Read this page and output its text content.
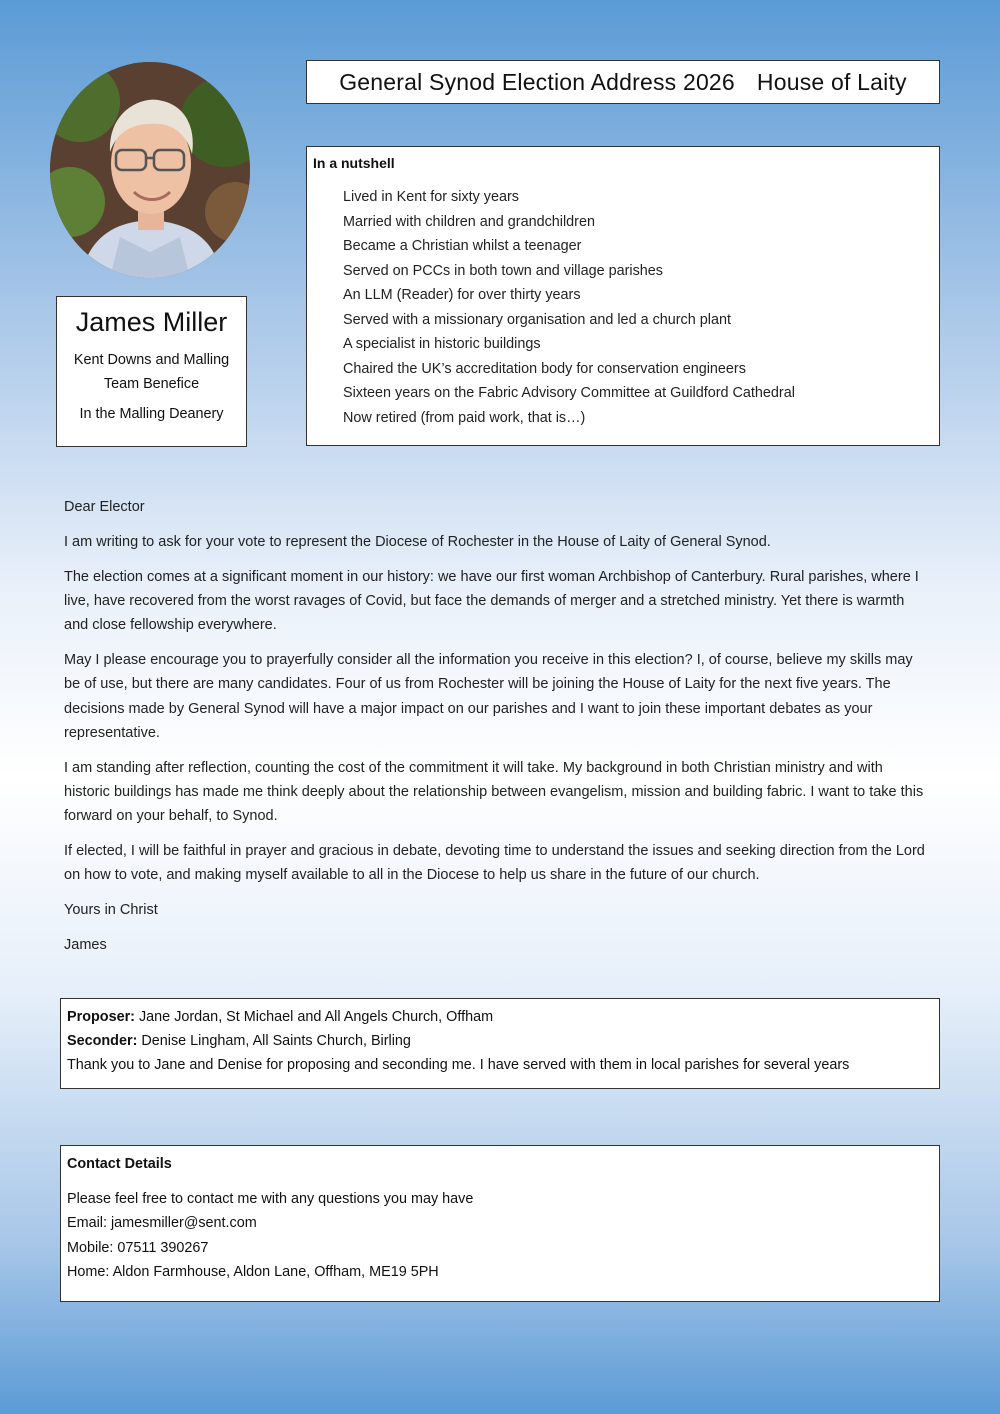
General Synod Election Address 2026 House of Laity
In a nutshell
Lived in Kent for sixty years
Married with children and grandchildren
Became a Christian whilst a teenager
Served on PCCs in both town and village parishes
An LLM (Reader) for over thirty years
Served with a missionary organisation and led a church plant
A specialist in historic buildings
Chaired the UK’s accreditation body for conservation engineers
Sixteen years on the Fabric Advisory Committee at Guildford Cathedral
Now retired (from paid work, that is…)
James Miller
Kent Downs and Malling
Team Benefice
In the Malling Deanery

Dear Elector

I am writing to ask for your vote to represent the Diocese of Rochester in the House of Laity of General Synod.

The election comes at a significant moment in our history: we have our first woman Archbishop of Canterbury. Rural parishes, where I live, have recovered from the worst ravages of Covid, but face the demands of merger and a stretched ministry. Yet there is warmth and close fellowship everywhere.

May I please encourage you to prayerfully consider all the information you receive in this election? I, of course, believe my skills may be of use, but there are many candidates. Four of us from Rochester will be joining the House of Laity for the next five years. The decisions made by General Synod will have a major impact on our parishes and I want to join these important debates as your representative.

I am standing after reflection, counting the cost of the commitment it will take. My background in both Christian ministry and with historic buildings has made me think deeply about the relationship between evangelism, mission and building fabric. I want to take this forward on your behalf, to Synod.

If elected, I will be faithful in prayer and gracious in debate, devoting time to understand the issues and seeking direction from the Lord on how to vote, and making myself available to all in the Diocese to help us share in the future of our church.

Yours in Christ

James

Proposer: Jane Jordan, St Michael and All Angels Church, Offham
Seconder: Denise Lingham, All Saints Church, Birling
Thank you to Jane and Denise for proposing and seconding me. I have served with them in local parishes for several years
Contact Details
Please feel free to contact me with any questions you may have
Email: jamesmiller@sent.com
Mobile: 07511 390267
Home: Aldon Farmhouse, Aldon Lane, Offham, ME19 5PH
